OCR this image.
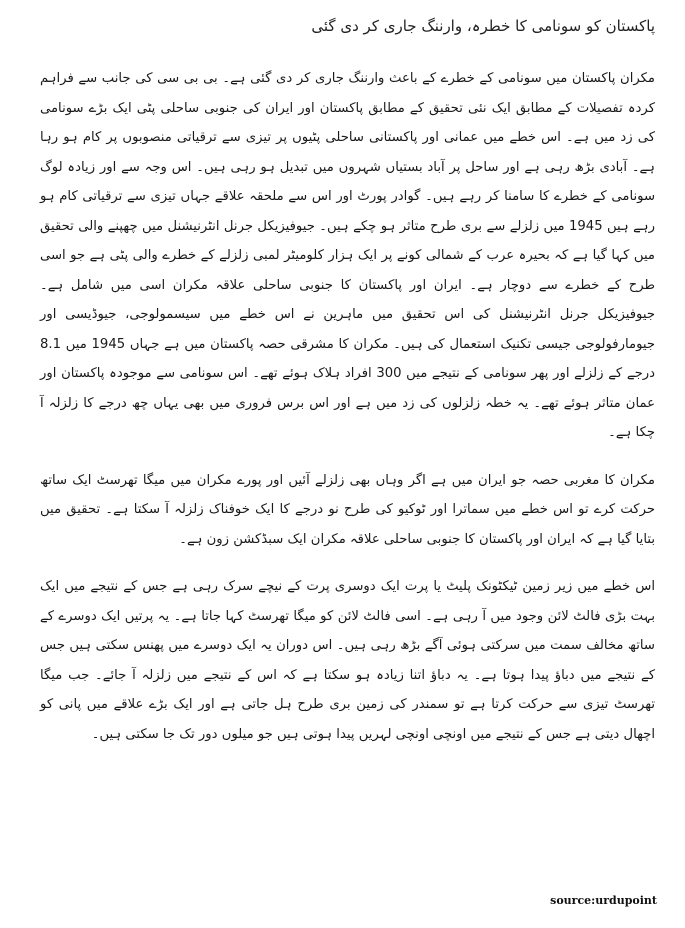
پاکستان کو سونامی کا خطرہ، وارننگ جاری کر دی گئی

مکران پاکستان میں سونامی کے خطرے کے باعث وارننگ جاری کر دی گئی ہے۔ بی بی سی کی جانب سے فراہم کردہ تفصیلات کے مطابق ایک نئی تحقیق کے مطابق پاکستان اور ایران کی جنوبی ساحلی پٹی ایک بڑے سونامی کی زد میں ہے۔ اس خطے میں عمانی اور پاکستانی ساحلی پٹیوں پر تیزی سے ترقیاتی منصوبوں پر کام ہو رہا ہے۔ آبادی بڑھ رہی ہے اور ساحل پر آباد بستیاں شہروں میں تبدیل ہو رہی ہیں۔ اس وجہ سے اور زیادہ لوگ سونامی کے خطرے کا سامنا کر رہے ہیں۔ گوادر پورٹ اور اس سے ملحقہ علاقے جہاں تیزی سے ترقیاتی کام ہو رہے ہیں 1945 میں زلزلے سے بری طرح متاثر ہو چکے ہیں۔ جیوفیزیکل جرنل انٹرنیشنل میں چھپنے والی تحقیق میں کہا گیا ہے کہ بحیرہ عرب کے شمالی کونے پر ایک ہزار کلومیٹر لمبی زلزلے کے خطرے والی پٹی ہے جو اسی طرح کے خطرے سے دوچار ہے۔ ایران اور پاکستان کا جنوبی ساحلی علاقہ مکران اسی میں شامل ہے۔ جیوفیزیکل جرنل انٹرنیشنل کی اس تحقیق میں ماہرین نے اس خطے میں سیسمولوجی، جیوڈیسی اور جیومارفولوجی جیسی تکنیک استعمال کی ہیں۔ مکران کا مشرقی حصہ پاکستان میں ہے جہاں 1945 میں 8.1 درجے کے زلزلے اور پھر سونامی کے نتیجے میں 300 افراد ہلاک ہوئے تھے۔ اس سونامی سے موجودہ پاکستان اور عمان متاثر ہوئے تھے۔ یہ خطہ زلزلوں کی زد میں ہے اور اس برس فروری میں بھی یہاں چھ درجے کا زلزلہ آ چکا ہے۔

مکران کا مغربی حصہ جو ایران میں ہے اگر وہاں بھی زلزلے آئیں اور پورے مکران میں میگا تھرسٹ ایک ساتھ حرکت کرے تو اس خطے میں سماترا اور ٹوکیو کی طرح نو درجے کا ایک خوفناک زلزلہ آ سکتا ہے۔ تحقیق میں بتایا گیا ہے کہ ایران اور پاکستان کا جنوبی ساحلی علاقہ مکران ایک سبڈکشن زون ہے۔

اس خطے میں زیر زمین ٹیکٹونک پلیٹ یا پرت ایک دوسری پرت کے نیچے سرک رہی ہے جس کے نتیجے میں ایک بہت بڑی فالٹ لائن وجود میں آ رہی ہے۔ اسی فالٹ لائن کو میگا تھرسٹ کہا جاتا ہے۔ یہ پرتیں ایک دوسرے کے ساتھ مخالف سمت میں سرکتی ہوئی آگے بڑھ رہی ہیں۔ اس دوران یہ ایک دوسرے میں پھنس سکتی ہیں جس کے نتیجے میں دباؤ پیدا ہوتا ہے۔ یہ دباؤ اتنا زیادہ ہو سکتا ہے کہ اس کے نتیجے میں زلزلہ آ جائے۔ جب میگا تھرسٹ تیزی سے حرکت کرتا ہے تو سمندر کی زمین بری طرح ہل جاتی ہے اور ایک بڑے علاقے میں پانی کو اچھال دیتی ہے جس کے نتیجے میں اونچی اونچی لہریں پیدا ہوتی ہیں جو میلوں دور تک جا سکتی ہیں۔

source:urdupoint
